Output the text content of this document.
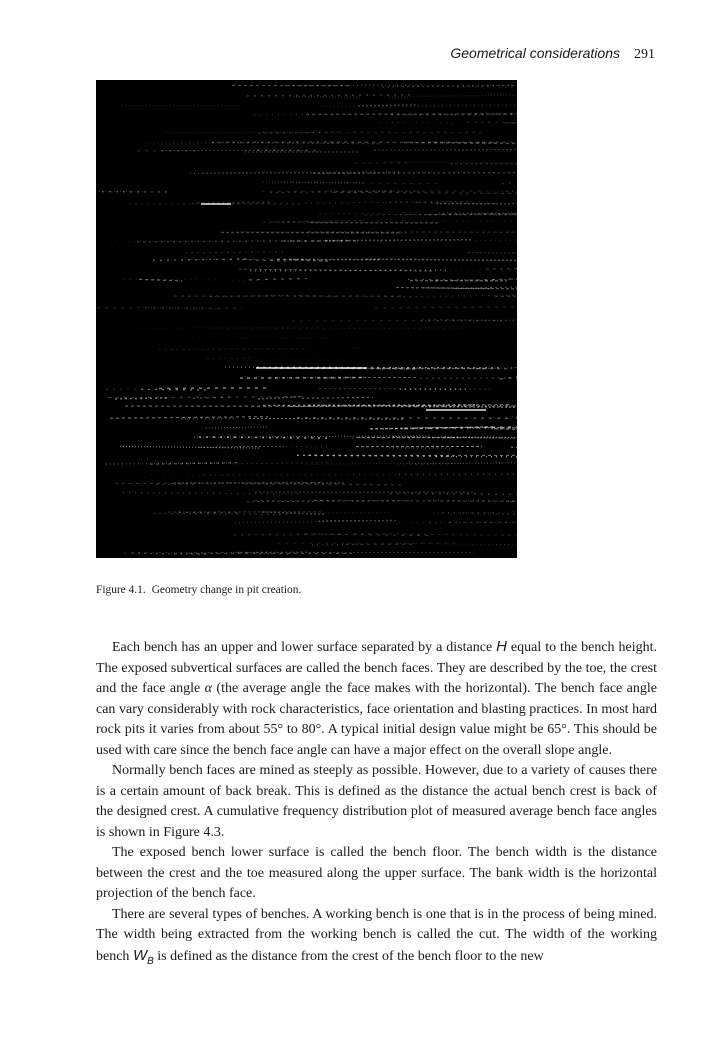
Geometrical considerations 291
Figure 4.1. Geometry change in pit creation.

Each bench has an upper and lower surface separated by a distance H equal to the bench height. The exposed subvertical surfaces are called the bench faces. They are described by the toe, the crest and the face angle α (the average angle the face makes with the horizontal). The bench face angle can vary considerably with rock characteristics, face orientation and blasting practices. In most hard rock pits it varies from about 55° to 80°. A typical initial design value might be 65°. This should be used with care since the bench face angle can have a major effect on the overall slope angle.

Normally bench faces are mined as steeply as possible. However, due to a variety of causes there is a certain amount of back break. This is defined as the distance the actual bench crest is back of the designed crest. A cumulative frequency distribution plot of measured average bench face angles is shown in Figure 4.3.

The exposed bench lower surface is called the bench floor. The bench width is the distance between the crest and the toe measured along the upper surface. The bank width is the horizontal projection of the bench face.

There are several types of benches. A working bench is one that is in the process of being mined. The width being extracted from the working bench is called the cut. The width of the working bench $W_B$ is defined as the distance from the crest of the bench floor to the new
